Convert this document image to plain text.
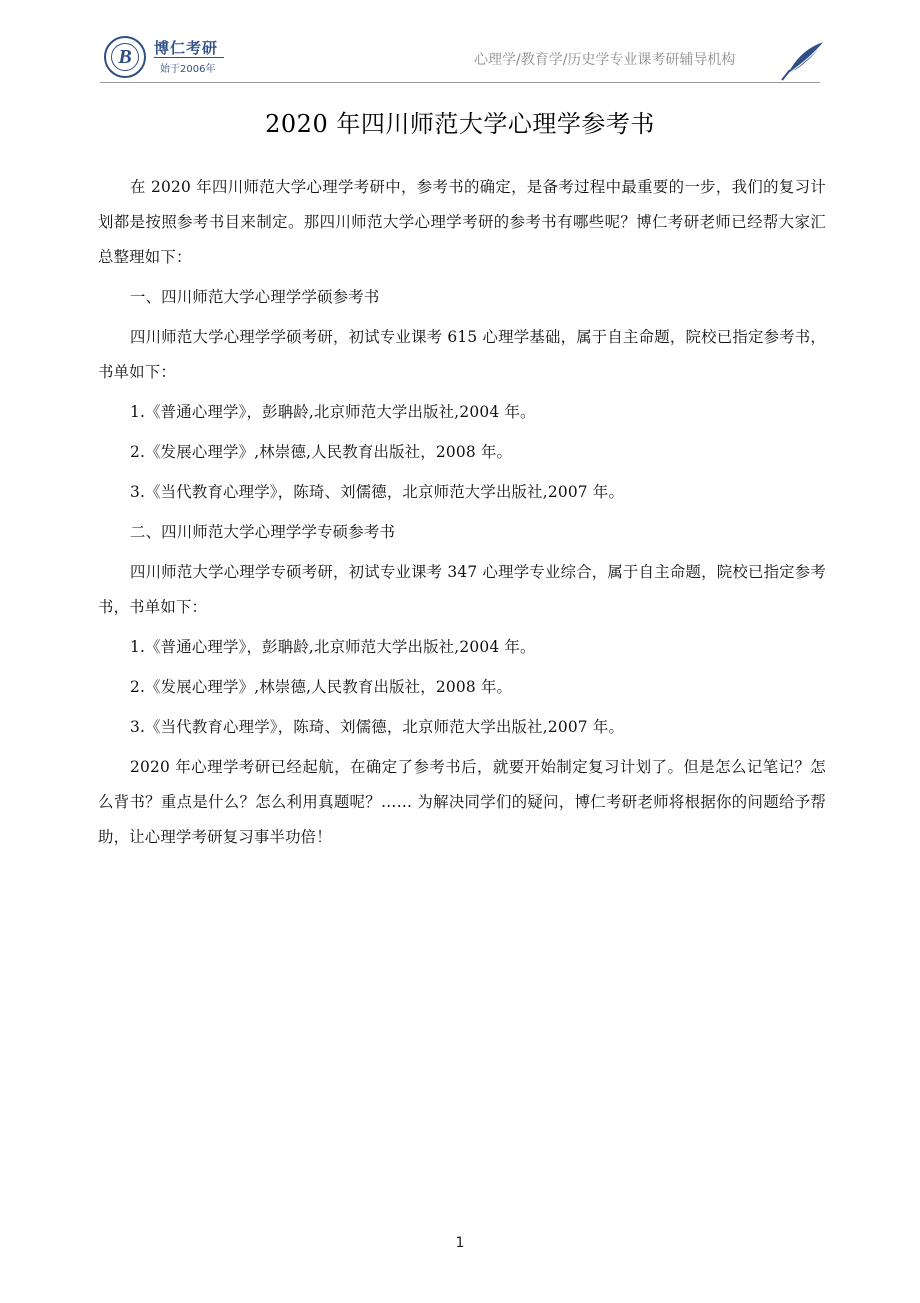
B	博仁考研
始于2006年
心理学/教育学/历史学专业课考研辅导机构
2020 年四川师范大学心理学参考书

在 2020 年四川师范大学心理学考研中，参考书的确定，是备考过程中最重要的一步，我们的复习计划都是按照参考书目来制定。那四川师范大学心理学考研的参考书有哪些呢？博仁考研老师已经帮大家汇总整理如下：

一、四川师范大学心理学学硕参考书

四川师范大学心理学学硕考研，初试专业课考 615 心理学基础，属于自主命题，院校已指定参考书，书单如下：

1.《普通心理学》，彭聃龄,北京师范大学出版社,2004 年。

2.《发展心理学》,林崇德,人民教育出版社，2008 年。

3.《当代教育心理学》，陈琦、刘儒德，北京师范大学出版社,2007 年。

二、四川师范大学心理学学专硕参考书

四川师范大学心理学专硕考研，初试专业课考 347 心理学专业综合，属于自主命题，院校已指定参考书，书单如下：

1.《普通心理学》，彭聃龄,北京师范大学出版社,2004 年。

2.《发展心理学》,林崇德,人民教育出版社，2008 年。

3.《当代教育心理学》，陈琦、刘儒德，北京师范大学出版社,2007 年。

2020 年心理学考研已经起航，在确定了参考书后，就要开始制定复习计划了。但是怎么记笔记？怎么背书？重点是什么？怎么利用真题呢？…… 为解决同学们的疑问，博仁考研老师将根据你的问题给予帮助，让心理学考研复习事半功倍！

1
